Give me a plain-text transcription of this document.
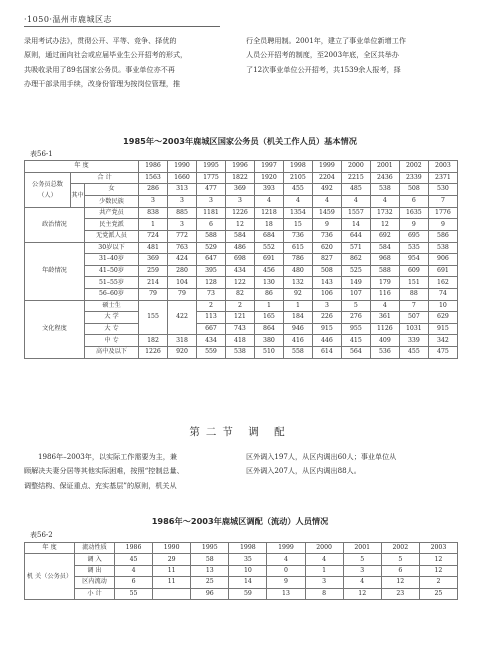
·1050·温州市鹿城区志
录用考试办法》，贯彻公开、平等、竞争、择优的
原则，通过面向社会或应届毕业生公开招考的形式，
共吸收录用了89名国家公务员。事业单位亦不再
办理干部录用手续，改身份管理为按岗位管理，推
行全员聘用制。2001年，建立了事业单位新增工作
人员公开招考的制度，至2003年底，全区共举办
了12次事业单位公开招考，共1539余人报考，择
1985年～2003年鹿城区国家公务员（机关工作人员）基本情况
表56-1
年 度			1986	1990	1995	1996	1997	1998	1999	2000	2001	2002	2003
公务员总数（人）	合 计		1563	1660	1775	1822	1920	2105	2204	2215	2436	2339	2371
	其中	女	286	313	477	369	393	455	492	485	538	508	530
		少数民族	3	3	3	3	4	4	4	4	4	6	7

政治情况		共产党员	838	885	1181	1226	1218	1354	1459	1557	1732	1635	1776
		民主党派	1	3	6	12	18	15	9	14	12	9	9
		无党派人员	724	772	588	584	684	736	736	644	692	695	586
年龄情况		30岁以下	481	763	529	486	552	615	620	571	584	535	538
		31–40岁	369	424	647	698	691	786	827	862	968	954	906
		41–50岁	259	280	395	434	456	480	508	525	588	609	691
		51–55岁	214	104	128	122	130	132	143	149	179	151	162
		56–60岁	79	79	73	82	86	92	106	107	116	88	74
文化程度		硕士生	155	422	2	2	1	1	3	5	4	7	10
		大 学			113	121	165	184	226	276	361	507	629
		大 专			667	743	864	946	915	955	1126	1031	915
		中 专	182	318	434	418	380	416	446	415	409	339	342
		高中及以下	1226	920	559	538	510	558	614	564	536	455	475
第二节 调 配
1986年–2003年，以实际工作需要为主，兼
顾解决夫妻分居等其他实际困难，按照“控制总量、
调整结构、保证重点、充实基层”的原则，机关从
区外调入197人，从区内调出60人；事业单位从
区外调入207人，从区内调出88人。
1986年～2003年鹿城区调配（流动）人员情况
表56-2
年 度	流动性质	1986	1990	1995	1998	1999	2000	2001	2002	2003
机 关（公务员）	调 入	45	29	58	35	4	4	5	5	12
	调 出	4	11	13	10	0	1	3	6	12
	区内流动	6	11	25	14	9	3	4	12	2
	小 计	55		96	59	13	8	12	23	25
